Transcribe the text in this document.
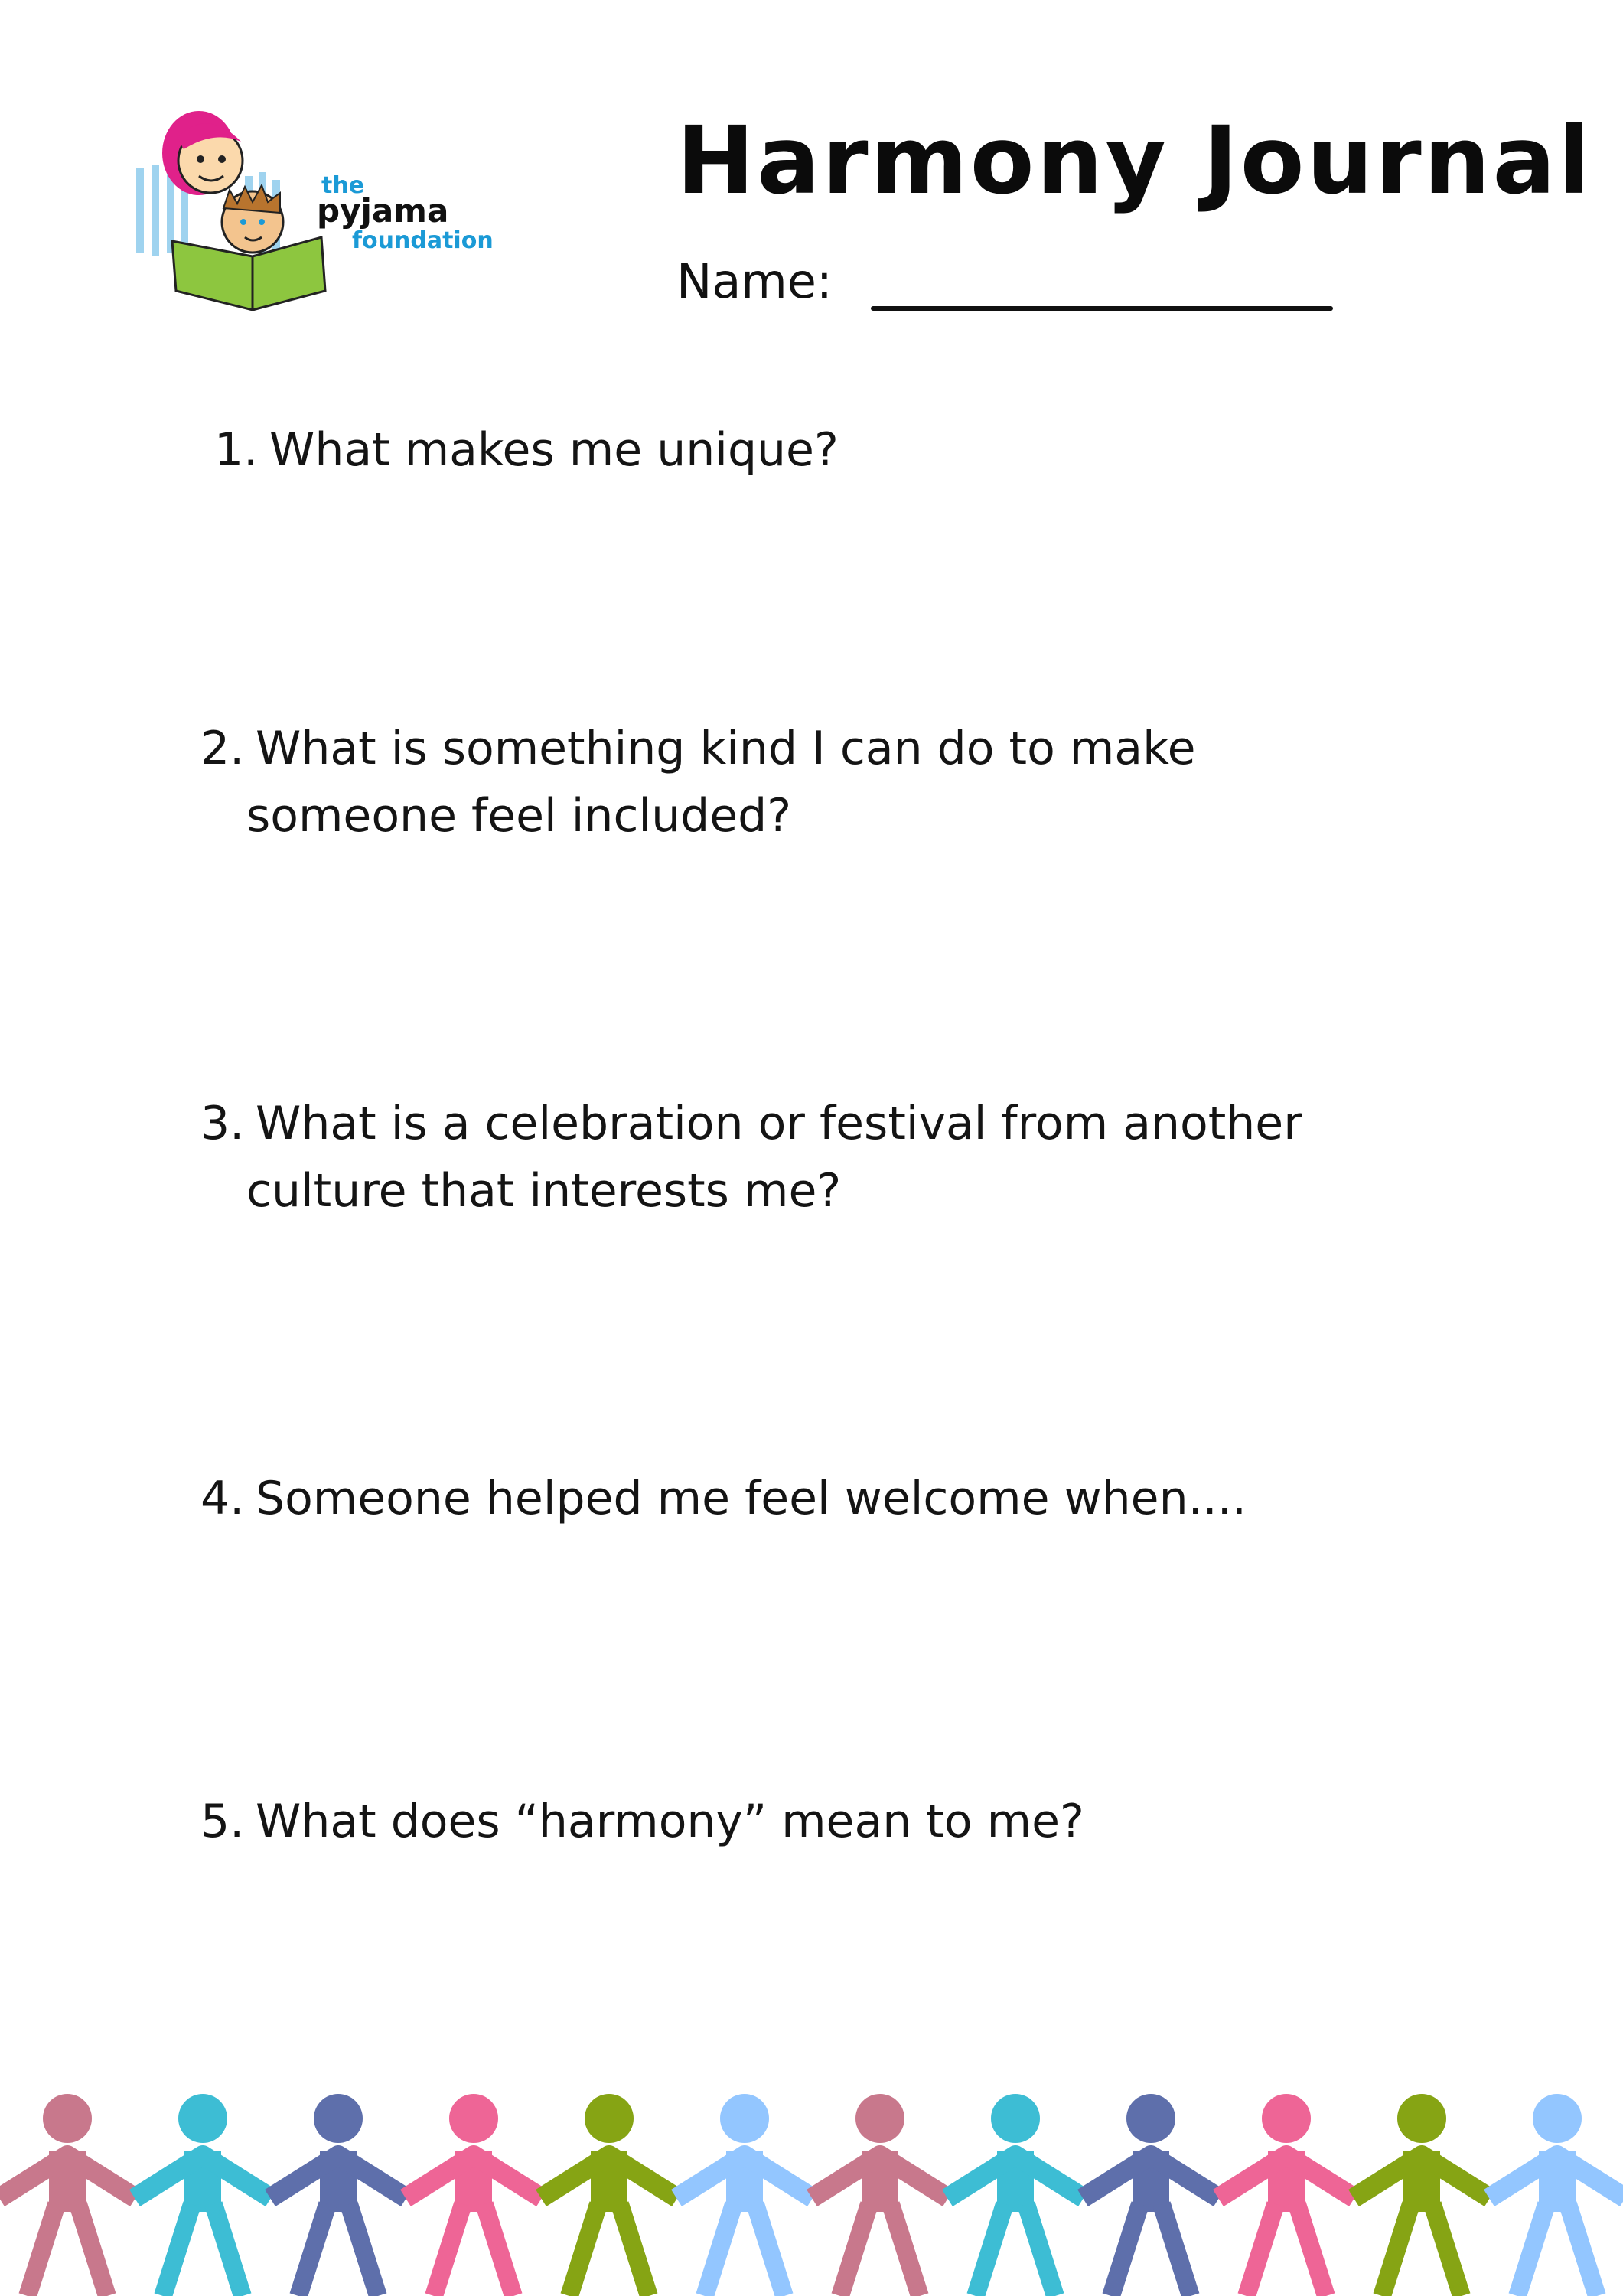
the
pyjama
foundation
Harmony Journal
Name:

1. What makes me unique?

2. What is something kind I can do to make
someone feel included?

3. What is a celebration or festival from another
culture that interests me?

4. Someone helped me feel welcome when....

5. What does “harmony” mean to me?
